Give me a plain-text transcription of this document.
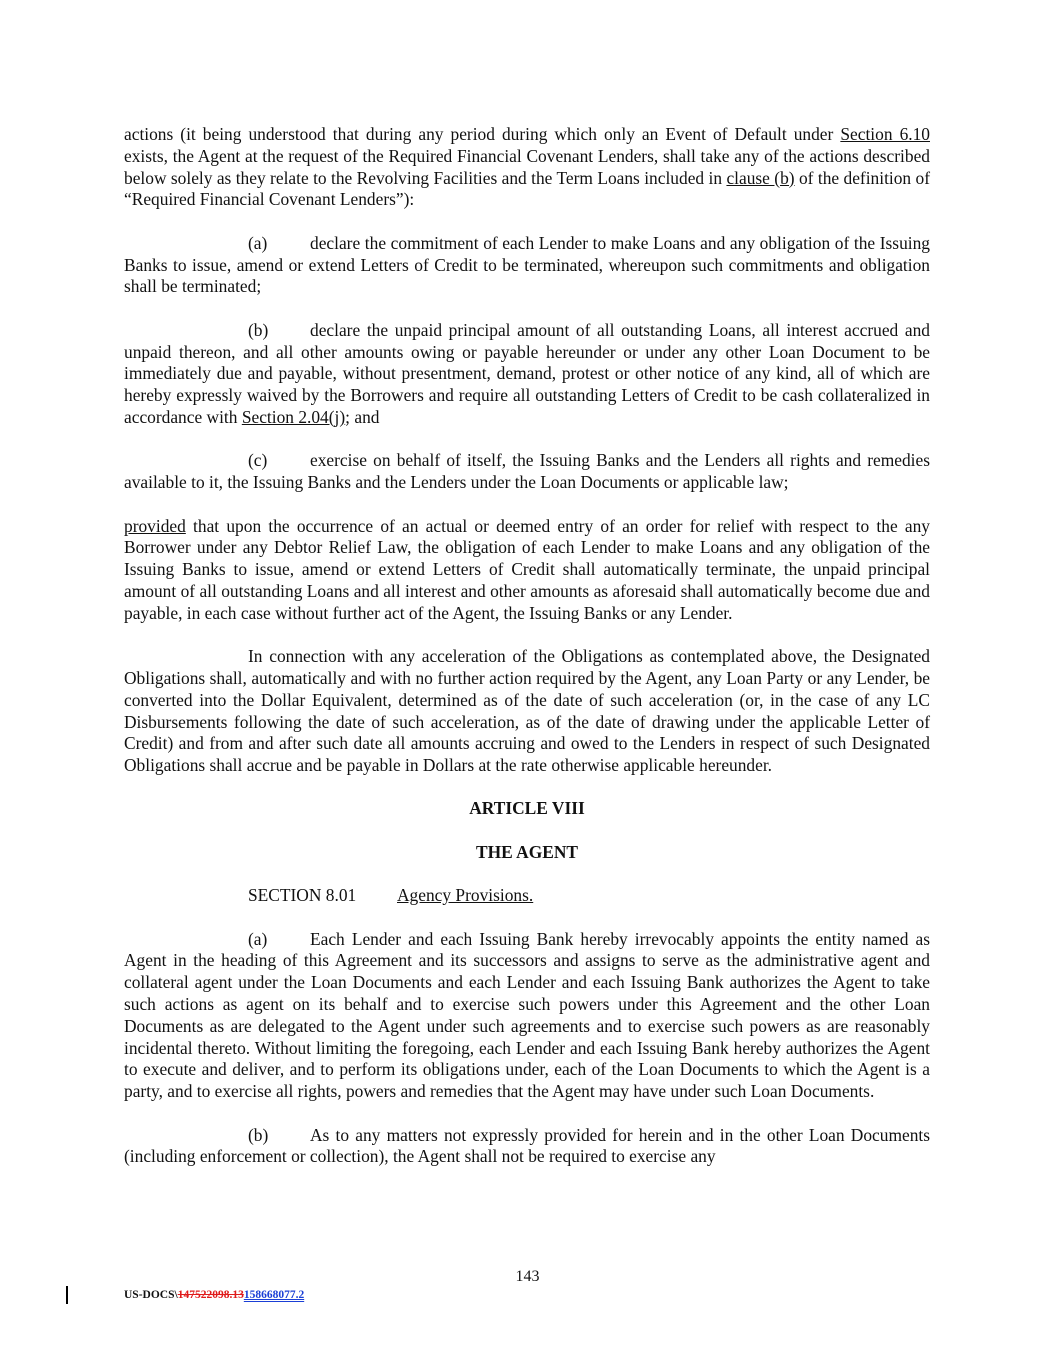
actions (it being understood that during any period during which only an Event of Default under Section 6.10 exists, the Agent at the request of the Required Financial Covenant Lenders, shall take any of the actions described below solely as they relate to the Revolving Facilities and the Term Loans included in clause (b) of the definition of “Required Financial Covenant Lenders”):

(a) declare the commitment of each Lender to make Loans and any obligation of the Issuing Banks to issue, amend or extend Letters of Credit to be terminated, whereupon such commitments and obligation shall be terminated;

(b) declare the unpaid principal amount of all outstanding Loans, all interest accrued and unpaid thereon, and all other amounts owing or payable hereunder or under any other Loan Document to be immediately due and payable, without presentment, demand, protest or other notice of any kind, all of which are hereby expressly waived by the Borrowers and require all outstanding Letters of Credit to be cash collateralized in accordance with Section 2.04(j); and

(c) exercise on behalf of itself, the Issuing Banks and the Lenders all rights and remedies available to it, the Issuing Banks and the Lenders under the Loan Documents or applicable law;

provided that upon the occurrence of an actual or deemed entry of an order for relief with respect to the any Borrower under any Debtor Relief Law, the obligation of each Lender to make Loans and any obligation of the Issuing Banks to issue, amend or extend Letters of Credit shall automatically terminate, the unpaid principal amount of all outstanding Loans and all interest and other amounts as aforesaid shall automatically become due and payable, in each case without further act of the Agent, the Issuing Banks or any Lender.

In connection with any acceleration of the Obligations as contemplated above, the Designated Obligations shall, automatically and with no further action required by the Agent, any Loan Party or any Lender, be converted into the Dollar Equivalent, determined as of the date of such acceleration (or, in the case of any LC Disbursements following the date of such acceleration, as of the date of drawing under the applicable Letter of Credit) and from and after such date all amounts accruing and owed to the Lenders in respect of such Designated Obligations shall accrue and be payable in Dollars at the rate otherwise applicable hereunder.

ARTICLE VIII

THE AGENT

SECTION 8.01 Agency Provisions.

(a) Each Lender and each Issuing Bank hereby irrevocably appoints the entity named as Agent in the heading of this Agreement and its successors and assigns to serve as the administrative agent and collateral agent under the Loan Documents and each Lender and each Issuing Bank authorizes the Agent to take such actions as agent on its behalf and to exercise such powers under this Agreement and the other Loan Documents as are delegated to the Agent under such agreements and to exercise such powers as are reasonably incidental thereto. Without limiting the foregoing, each Lender and each Issuing Bank hereby authorizes the Agent to execute and deliver, and to perform its obligations under, each of the Loan Documents to which the Agent is a party, and to exercise all rights, powers and remedies that the Agent may have under such Loan Documents.

(b) As to any matters not expressly provided for herein and in the other Loan Documents (including enforcement or collection), the Agent shall not be required to exercise any

143
US-DOCS\147522098.13158668077.2
